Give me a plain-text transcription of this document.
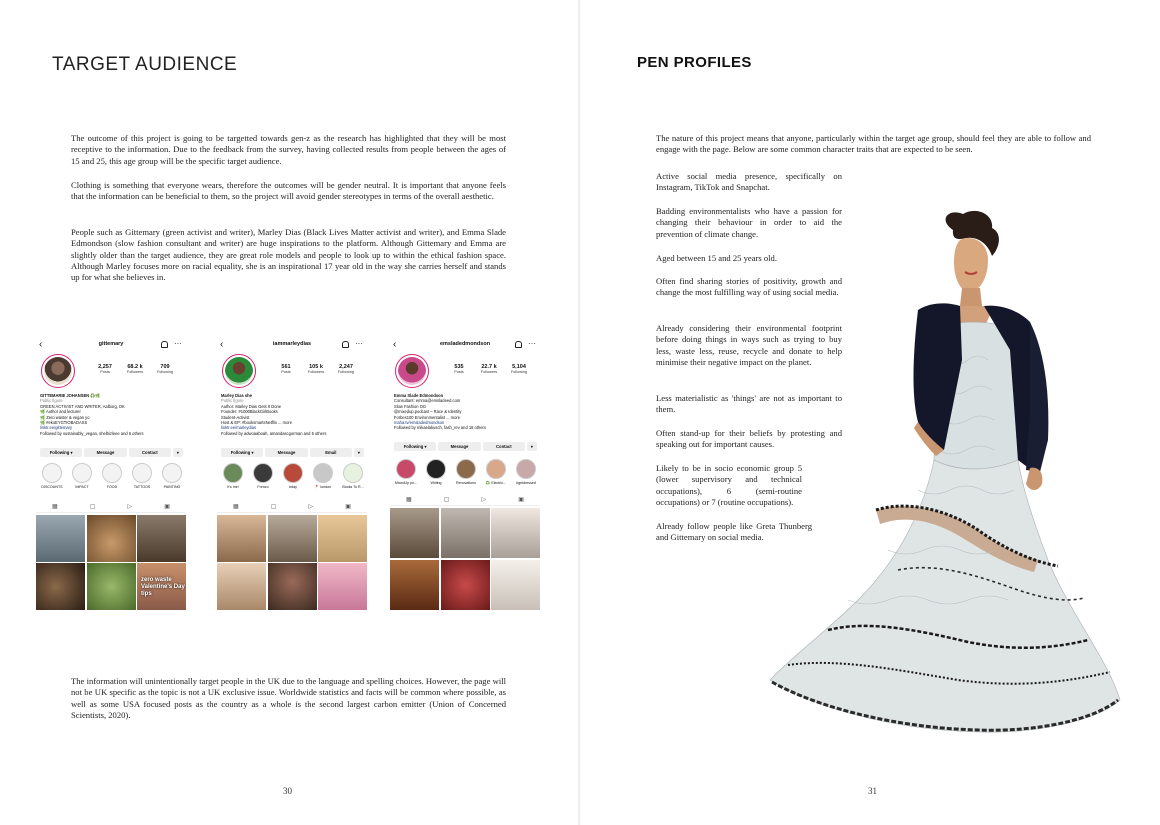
TARGET AUDIENCE

The outcome of this project is going to be targetted towards gen-z as the research has highlighted that they will be most receptive to the information. Due to the feedback from the survey, having collected results from people between the ages of 15 and 25, this age group will be the specific target audience.

Clothing is something that everyone wears, therefore the outcomes will be gender neutral. It is important that anyone feels that the information can be beneficial to them, so the project will avoid gender stereotypes in terms of the overall aesthetic.

People such as Gittemary (green activist and writer), Marley Dias (Black Lives Matter activist and writer), and Emma Slade Edmondson (slow fashion consultant and writer) are huge inspirations to the platform. Although Gittemary and Emma are slightly older than the target audience, they are great role models and people to look up to within the ethical fashion space. Although Marley focuses more on racial equality, she is an inspirational 17 year old in the way she carries herself and stands up for what she believes in.

‹	gittemary	···
2,257
Posts
68.2 k
Followers
709
Following
GITTEMARIE JOHANSEN ♻️🌿
Public figure
GREEN ACTIVIST AND WRITER, Aalborg, DK
🌿 Author and lecturer
🌿 Zero waster & vegan yo
🌿 #ekoEYGTIOBADASS
linktr.ee/gittemary
Followed by sustainably_vegan, shelbizleee and 6 others
Following ▾	Message	Contact	▾
DISCOUNTS	IMPACT	FOOD	TATTOOS	PAINTING
▦	▢	▷	▣
zero waste Valentine's Day tips
‹	iammarleydias	···
561
Posts
105 k
Followers
2,247
Following
Marley Dias she
Public figure
Author: Marley Dias Gets It Done
Founder: #1000BlackGirlBooks
Student-Activist
Host & EP: #booksmartsNetflix ... more
linktr.ee/marleydias
Followed by adwoaaboah, amandascgorman and 5 others
Following ▾	Message	Email	▾
It's me!	Frenzo	bday	📍 london	Books To R...
▦	▢	▷	▣
‹	emsladedmondson	···
535
Posts
22.7 k
Followers
5,104
Following
Emma Slade Edmondson
Consultant: emma@emsladeed.com
Slow Fashion OG
@mixedup.podcast – Race & Identity
Forbes100 Environmentalist ... more
maha.tv/emsladedmondson
Followed by mikaelakusch, fash_rev and 18 others
Following ▾	Message	Contact	▾
MixedUp po...	Writing	Renovations	♻️ Electric...	#getdressed
▦	▢	▷	▣

The information will unintentionally target people in the UK due to the language and spelling choices. However, the page will not be UK specific as the topic is not a UK exclusive issue. Worldwide statistics and facts will be common where possible, as well as some USA focused posts as the country as a whole is the second largest carbon emitter (Union of Concerned Scientists, 2020).

30
PEN PROFILES

The nature of this project means that anyone, particularly within the target age group, should feel they are able to follow and engage with the page. Below are some common character traits that are expected to be seen.

Active social media presence, specifically on Instagram, TikTok and Snapchat.

Badding environmentalists who have a passion for changing their behaviour in order to aid the prevention of climate change.

Aged between 15 and 25 years old.

Often find sharing stories of positivity, growth and change the most fulfilling way of using social media.

Already considering their environmental footprint before doing things in ways such as trying to buy less, waste less, reuse, recycle and donate to help minimise their negative impact on the planet.

Less materialistic as 'things' are not as important to them.

Often stand-up for their beliefs by protesting and speaking out for important causes.

Likely to be in socio economic group 5 (lower supervisory and technical occupations), 6 (semi-routine occupations) or 7 (routine occupations).

Already follow people like Greta Thunberg and Gittemary on social media.

31
